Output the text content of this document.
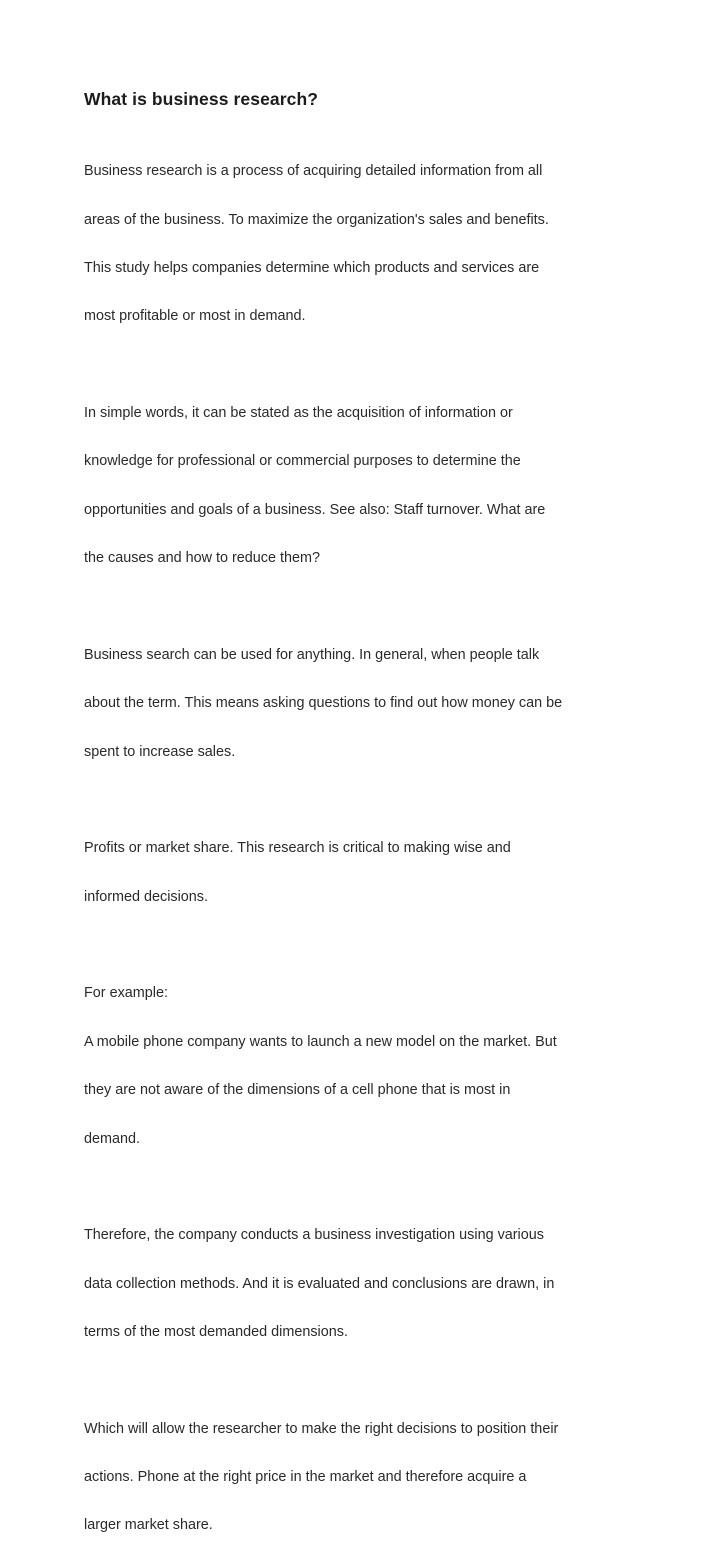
What is business research?

Business research is a process of acquiring detailed information from all

areas of the business. To maximize the organization's sales and benefits.

This study helps companies determine which products and services are

most profitable or most in demand.

In simple words, it can be stated as the acquisition of information or

knowledge for professional or commercial purposes to determine the

opportunities and goals of a business. See also: Staff turnover. What are

the causes and how to reduce them?

Business search can be used for anything. In general, when people talk

about the term. This means asking questions to find out how money can be

spent to increase sales.

Profits or market share. This research is critical to making wise and

informed decisions.

For example:

A mobile phone company wants to launch a new model on the market. But

they are not aware of the dimensions of a cell phone that is most in

demand.

Therefore, the company conducts a business investigation using various

data collection methods. And it is evaluated and conclusions are drawn, in

terms of the most demanded dimensions.

Which will allow the researcher to make the right decisions to position their

actions. Phone at the right price in the market and therefore acquire a

larger market share.
